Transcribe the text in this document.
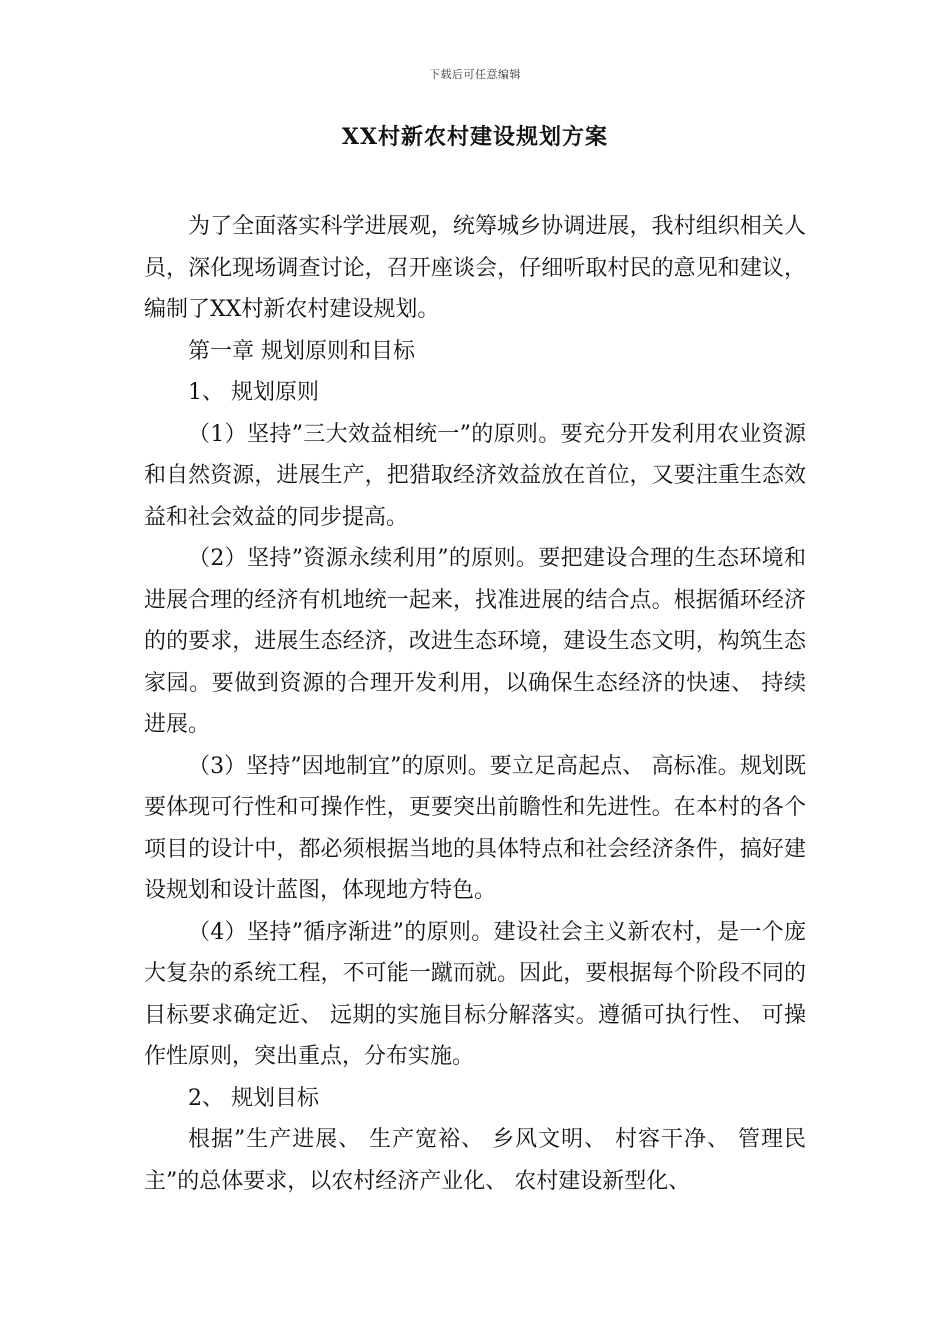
下载后可任意编辑
XX村新农村建设规划方案

为了全面落实科学进展观，统筹城乡协调进展，我村组织相关人员，深化现场调查讨论，召开座谈会，仔细听取村民的意见和建议，编制了XX村新农村建设规划。

第一章 规划原则和目标

1、 规划原则

（1）坚持”三大效益相统一”的原则。要充分开发利用农业资源和自然资源，进展生产，把猎取经济效益放在首位，又要注重生态效益和社会效益的同步提高。

（2）坚持”资源永续利用”的原则。要把建设合理的生态环境和进展合理的经济有机地统一起来，找准进展的结合点。根据循环经济的的要求，进展生态经济，改进生态环境，建设生态文明，构筑生态家园。要做到资源的合理开发利用，以确保生态经济的快速、 持续进展。

（3）坚持”因地制宜”的原则。要立足高起点、 高标准。规划既要体现可行性和可操作性，更要突出前瞻性和先进性。在本村的各个项目的设计中，都必须根据当地的具体特点和社会经济条件，搞好建设规划和设计蓝图，体现地方特色。

（4）坚持”循序渐进”的原则。建设社会主义新农村，是一个庞大复杂的系统工程，不可能一蹴而就。因此，要根据每个阶段不同的目标要求确定近、 远期的实施目标分解落实。遵循可执行性、 可操作性原则，突出重点，分布实施。

2、 规划目标

根据”生产进展、 生产宽裕、 乡风文明、 村容干净、 管理民主”的总体要求，以农村经济产业化、 农村建设新型化、
